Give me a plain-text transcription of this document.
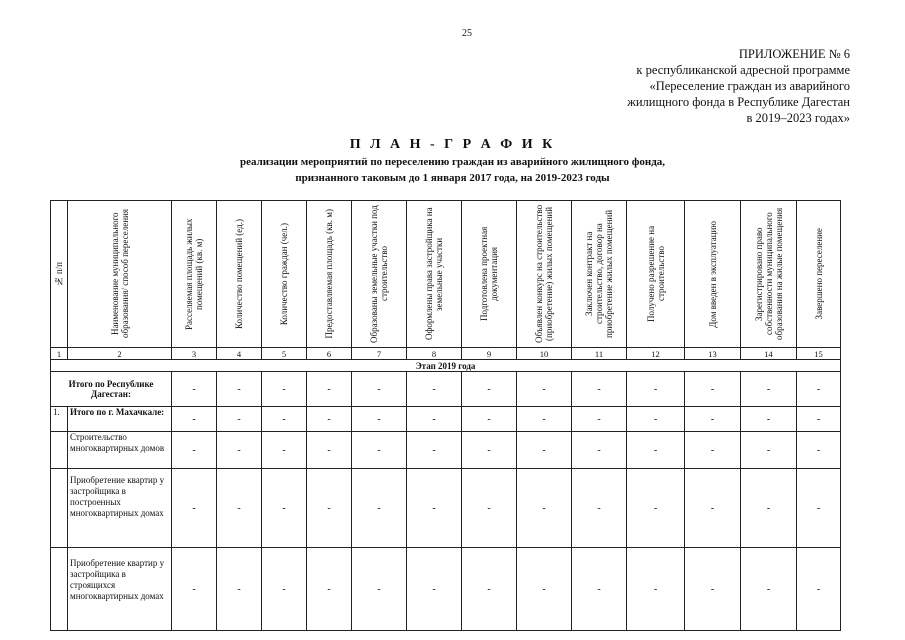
25
ПРИЛОЖЕНИЕ № 6
к республиканской адресной программе
«Переселение граждан из аварийного
жилищного фонда в Республике Дагестан
в 2019–2023 годах»
П Л А Н - Г Р А Ф И К
реализации мероприятий по переселению граждан из аварийного жилищного фонда,
признанного таковым до 1 января 2017 года, на 2019-2023 годы
№ п/п	Наименование муниципального образования/ способ переселения	Расселяемая площадь жилых помещений (кв. м)	Количество помещений (ед.)	Количество граждан (чел.)	Предоставляемая площадь (кв. м)	Образованы земельные участки под строительство	Оформлены права застройщика на земельные участки	Подготовлена проектная документация	Объявлен конкурс на строительство (приобретение) жилых помещений	Заключен контракт на строительство, договор на приобретение жилых помещений	Получено разрешение на строительство	Дом введен в эксплуатацию	Зарегистрировано право собственности муниципального образования на жилые помещения	Завершено переселение

1	2	3	4	5	6	7	8	9	10	11	12	13	14	15
Этап 2019 года														
Итого по Республике Дагестан:		-	-	-	-	-	-	-	-	-	-	-	-	-
1.	Итого по г. Махачкале:	-	-	-	-	-	-	-	-	-	-	-	-	-
	Строительство многоквартирных домов	-	-	-	-	-	-	-	-	-	-	-	-	-
	Приобретение квартир у застройщика в построенных многоквартирных домах	-	-	-	-	-	-	-	-	-	-	-	-	-
	Приобретение квартир у застройщика в строящихся многоквартирных домах	-	-	-	-	-	-	-	-	-	-	-	-	-
